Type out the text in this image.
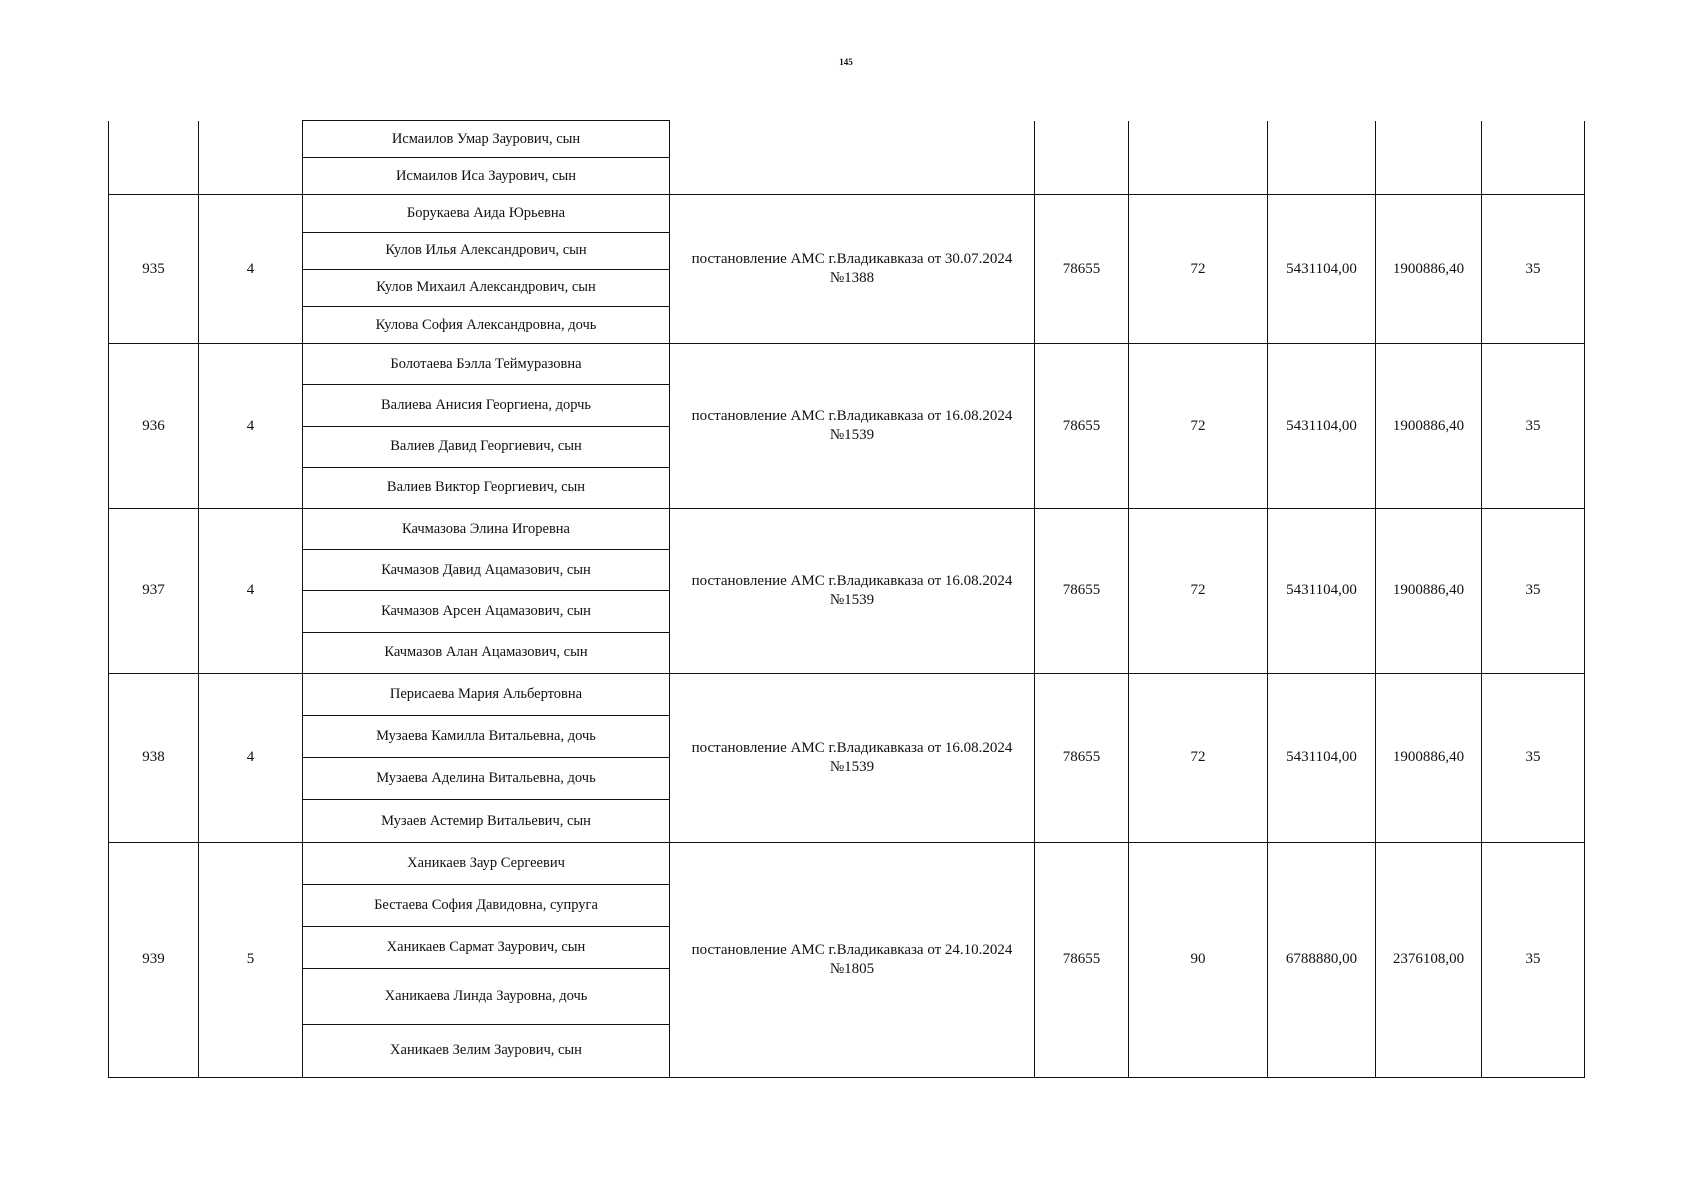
145
		Исмаилов Умар Заурович, сын						
		Исмаилов Иса Заурович, сын						
935	4	Борукаева Аида Юрьевна	постановление АМС г.Владикавказа от 30.07.2024
№1388	78655	72	5431104,00	1900886,40	35
		Кулов Илья Александрович, сын						
		Кулов Михаил Александрович, сын						
		Кулова София Александровна, дочь						
936	4	Болотаева Бэлла Теймуразовна	постановление АМС г.Владикавказа от 16.08.2024
№1539	78655	72	5431104,00	1900886,40	35
		Валиева Анисия Георгиена, дорчь						
		Валиев Давид Георгиевич, сын						
		Валиев Виктор Георгиевич, сын						
937	4	Качмазова Элина Игоревна	постановление АМС г.Владикавказа от 16.08.2024
№1539	78655	72	5431104,00	1900886,40	35
		Качмазов Давид Ацамазович, сын						
		Качмазов Арсен Ацамазович, сын						
		Качмазов Алан Ацамазович, сын						
938	4	Перисаева Мария Альбертовна	постановление АМС г.Владикавказа от 16.08.2024
№1539	78655	72	5431104,00	1900886,40	35
		Музаева Камилла Витальевна, дочь						
		Музаева Аделина Витальевна, дочь						
		Музаев Астемир Витальевич, сын						
939	5	Ханикаев Заур Сергеевич	постановление АМС г.Владикавказа от 24.10.2024
№1805	78655	90	6788880,00	2376108,00	35
		Бестаева София Давидовна, супруга						
		Ханикаев Сармат Заурович, сын						
		Ханикаева Линда Зауровна, дочь						
		Ханикаев Зелим Заурович, сын						
